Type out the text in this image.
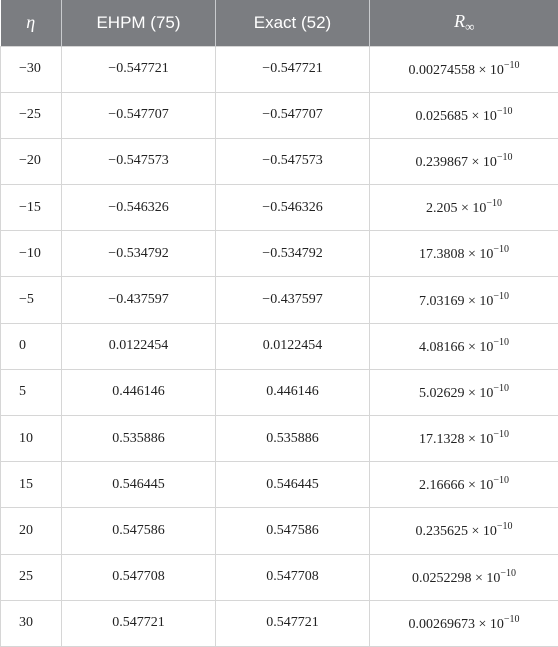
η	EHPM (75)	Exact (52)	$R_\infty$
−30	−0.547721	−0.547721	$0.00274558 \times 10^{-10}$
−25	−0.547707	−0.547707	$0.025685 \times 10^{-10}$
−20	−0.547573	−0.547573	$0.239867 \times 10^{-10}$
−15	−0.546326	−0.546326	$2.205 \times 10^{-10}$
−10	−0.534792	−0.534792	$17.3808 \times 10^{-10}$
−5	−0.437597	−0.437597	$7.03169 \times 10^{-10}$
0	0.0122454	0.0122454	$4.08166 \times 10^{-10}$
5	0.446146	0.446146	$5.02629 \times 10^{-10}$
10	0.535886	0.535886	$17.1328 \times 10^{-10}$
15	0.546445	0.546445	$2.16666 \times 10^{-10}$
20	0.547586	0.547586	$0.235625 \times 10^{-10}$
25	0.547708	0.547708	$0.0252298 \times 10^{-10}$
30	0.547721	0.547721	$0.00269673 \times 10^{-10}$
